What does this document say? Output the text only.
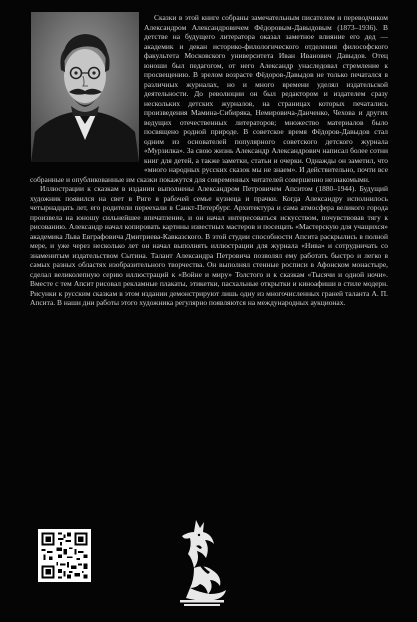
Сказки в этой книге собраны замечательным писателем и переводчиком Александром Александровичем Фёдоровым-Давыдовым (1873–1936). В детстве на будущего литератора оказал заметное влияние его дед — академик и декан историко-филологического отделения философского факультета Московского университета Иван Иванович Давыдов. Отец юноши был педагогом, от него Александр унаследовал стремление к просвещению. В зрелом возрасте Фёдоров-Давыдов не только печатался в различных журналах, но и много времени уделял издательской деятельности. До революции он был редактором и издателем сразу нескольких детских журналов, на страницах которых печатались произведения Мамина-Сибиряка, Немировича-Данченко, Чехова и других ведущих отечественных литераторов; множество материалов было посвящено родной природе. В советское время Фёдоров-Давыдов стал одним из основателей популярного советского детского журнала «Мурзилка». За свою жизнь Александр Александрович написал более сотни книг для детей, а также заметки, статьи и очерки. Однажды он заметил, что «много народных русских сказок мы не знаем». И действительно, почти все собранные и опубликованные им сказки покажутся для современных читателей совершенно незнакомыми.

Иллюстрации к сказкам в издании выполнены Александром Петровичем Апситом (1880–1944). Будущий художник появился на свет в Риге в рабочей семье кузнеца и прачки. Когда Александру исполнилось четырнадцать лет, его родители переехали в Санкт-Петербург. Архитектура и сама атмосфера великого города произвела на юношу сильнейшее впечатление, и он начал интересоваться искусством, почувствовав тягу к рисованию. Александр начал копировать картины известных мастеров и посещать «Мастерскую для учащихся» академика Льва Евграфовича Дмитриева-Кавказского. В этой студии способности Апсита раскрылись в полной мере, и уже через несколько лет он начал выполнять иллюстрации для журнала «Нива» и сотрудничать со знаменитым издательством Сытина. Талант Александра Петровича позволял ему работать быстро и легко в самых разных областях изобразительного творчества. Он выполнял стенные росписи в Афонском монастыре, сделал великолепную серию иллюстраций к «Войне и миру» Толстого и к сказкам «Тысячи и одной ночи». Вместе с тем Апсит рисовал рекламные плакаты, этикетки, пасхальные открытки и киноафиши в стиле модерн. Рисунки к русским сказкам в этом издании демонстрируют лишь одну из многочисленных граней таланта А. П. Апсита. В наши дни работы этого художника регулярно появляются на международных аукционах.
